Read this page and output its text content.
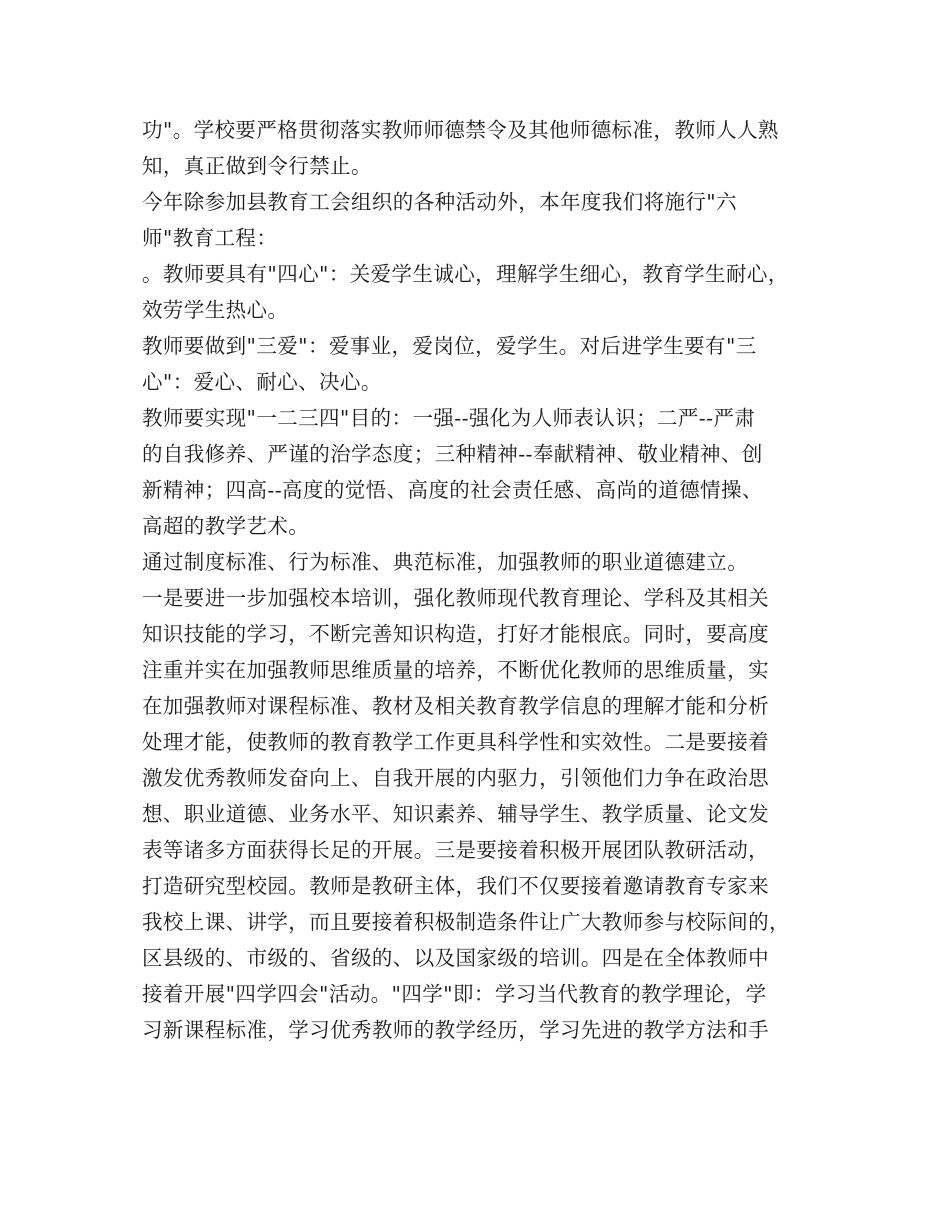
功"。学校要严格贯彻落实教师师德禁令及其他师德标准，教师人人熟
知，真正做到令行禁止。
今年除参加县教育工会组织的各种活动外，本年度我们将施行"六
师"教育工程：
。教师要具有"四心"：关爱学生诚心，理解学生细心，教育学生耐心，
效劳学生热心。
教师要做到"三爱"：爱事业，爱岗位，爱学生。对后进学生要有"三
心"：爱心、耐心、决心。
教师要实现"一二三四"目的：一强--强化为人师表认识；二严--严肃
的自我修养、严谨的治学态度；三种精神--奉献精神、敬业精神、创
新精神；四高--高度的觉悟、高度的社会责任感、高尚的道德情操、
高超的教学艺术。
通过制度标准、行为标准、典范标准，加强教师的职业道德建立。
一是要进一步加强校本培训，强化教师现代教育理论、学科及其相关
知识技能的学习，不断完善知识构造，打好才能根底。同时，要高度
注重并实在加强教师思维质量的培养，不断优化教师的思维质量，实
在加强教师对课程标准、教材及相关教育教学信息的理解才能和分析
处理才能，使教师的教育教学工作更具科学性和实效性。二是要接着
激发优秀教师发奋向上、自我开展的内驱力，引领他们力争在政治思
想、职业道德、业务水平、知识素养、辅导学生、教学质量、论文发
表等诸多方面获得长足的开展。三是要接着积极开展团队教研活动，
打造研究型校园。教师是教研主体，我们不仅要接着邀请教育专家来
我校上课、讲学，而且要接着积极制造条件让广大教师参与校际间的，
区县级的、市级的、省级的、以及国家级的培训。四是在全体教师中
接着开展"四学四会"活动。"四学"即：学习当代教育的教学理论，学
习新课程标准，学习优秀教师的教学经历，学习先进的教学方法和手
